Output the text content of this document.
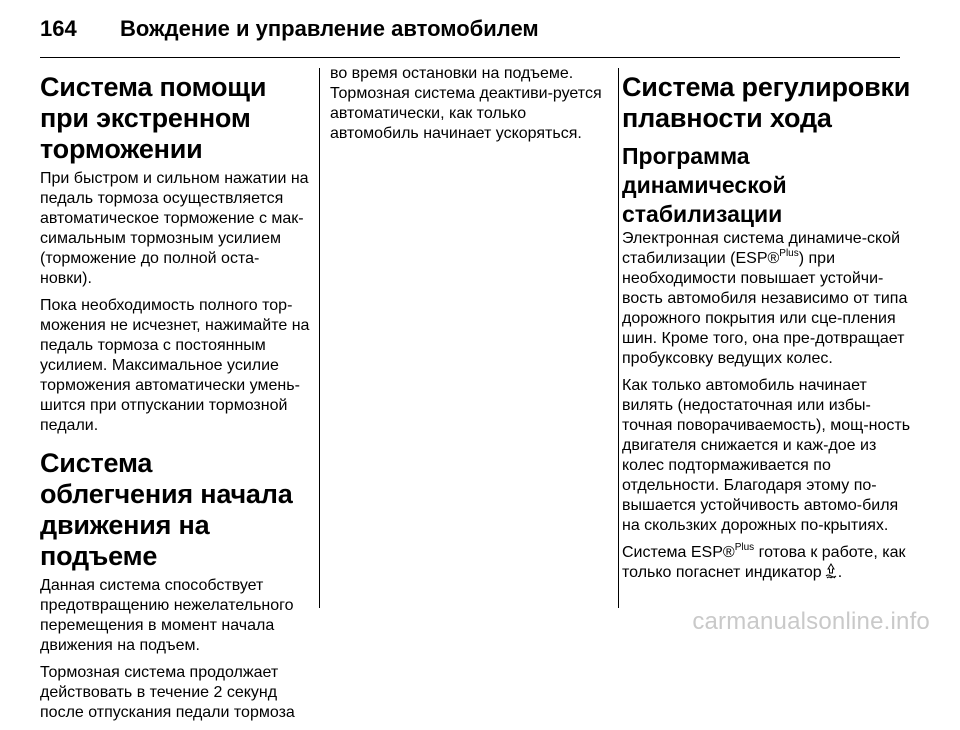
164 Вождение и управление автомобилем
Система помощи при экстренном торможении

При быстром и сильном нажатии на педаль тормоза осуществляется автоматическое торможение с мак-симальным тормозным усилием (торможение до полной оста-новки).

Пока необходимость полного тор-можения не исчезнет, нажимайте на педаль тормоза с постоянным усилием. Максимальное усилие торможения автоматически умень-шится при отпускании тормозной педали.

Система облегчения начала движения на подъеме

Данная система способствует предотвращению нежелательного перемещения в момент начала движения на подъем.

Тормозная система продолжает действовать в течение 2 секунд после отпускания педали тормоза

во время остановки на подъеме. Тормозная система деактиви-руется автоматически, как только автомобиль начинает ускоряться.

Система регулировки плавности хода
Программа динамической стабилизации

Электронная система динамиче-ской стабилизации (ESP®$^{Plus}$) при необходимости повышает устойчи-вость автомобиля независимо от типа дорожного покрытия или сце-пления шин. Кроме того, она пре-дотвращает пробуксовку ведущих колес.

Как только автомобиль начинает вилять (недостаточная или избы-точная поворачиваемость), мощ-ность двигателя снижается и каж-дое из колес подтормаживается по отдельности. Благодаря этому по-вышается устойчивость автомо-биля на скользких дорожных по-крытиях.

Система ESP®$^{Plus}$ готова к работе, как только погаснет индикатор .

carmanualsonline.info
